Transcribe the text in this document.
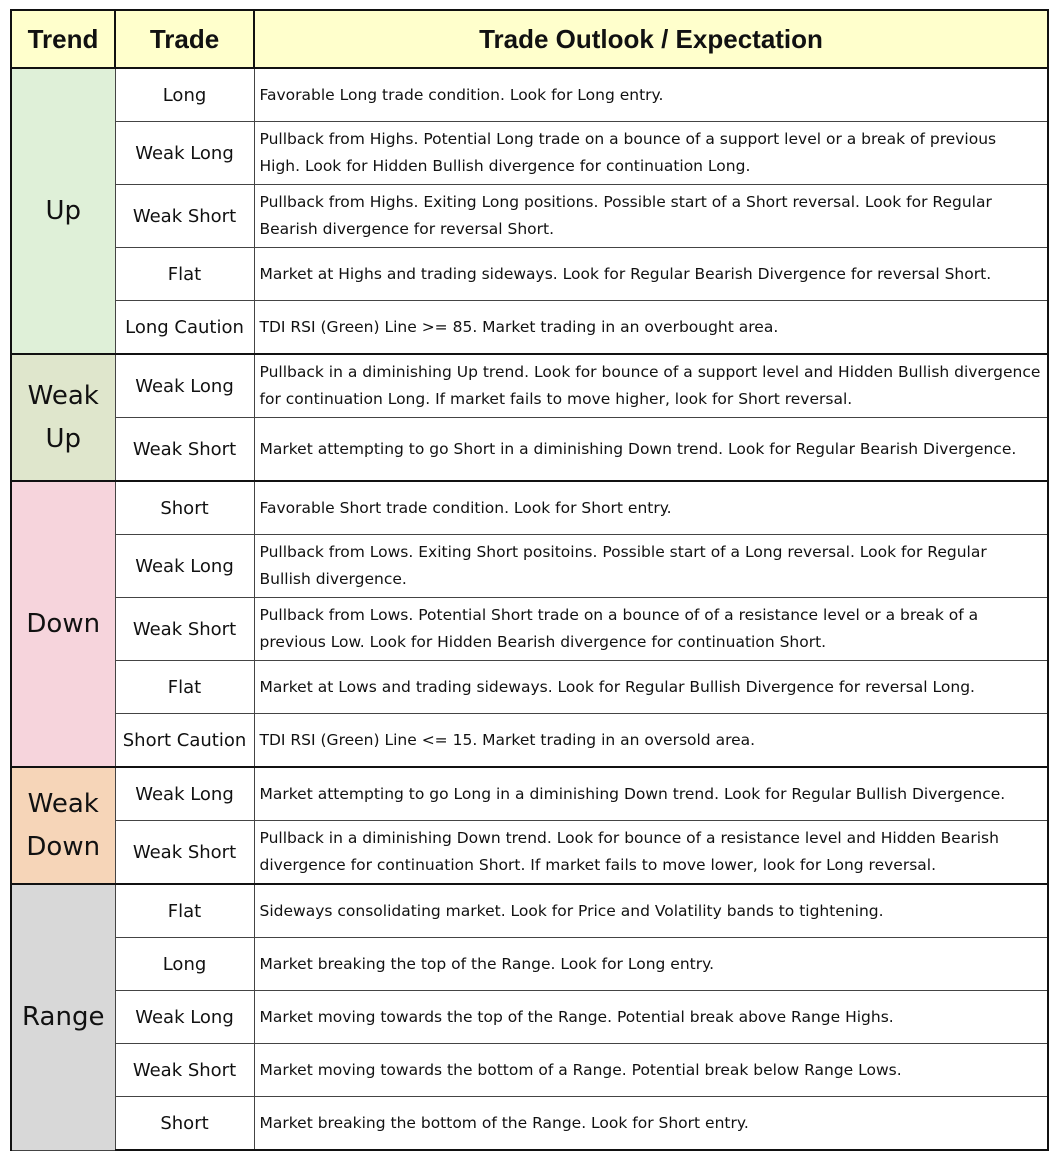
Trend	Trade	Trade Outlook / Expectation
Up	Long	Favorable Long trade condition. Look for Long entry.
	Weak Long	Pullback from Highs. Potential Long trade on a bounce of a support level or a break of previous High. Look for Hidden Bullish divergence for continuation Long.
	Weak Short	Pullback from Highs. Exiting Long positions. Possible start of a Short reversal. Look for Regular Bearish divergence for reversal Short.
	Flat	Market at Highs and trading sideways. Look for Regular Bearish Divergence for reversal Short.
	Long Caution	TDI RSI (Green) Line >= 85. Market trading in an overbought area.
Weak Up	Weak Long	Pullback in a diminishing Up trend. Look for bounce of a support level and Hidden Bullish divergence for continuation Long. If market fails to move higher, look for Short reversal.
	Weak Short	Market attempting to go Short in a diminishing Down trend. Look for Regular Bearish Divergence.
Down	Short	Favorable Short trade condition. Look for Short entry.
	Weak Long	Pullback from Lows. Exiting Short positoins. Possible start of a Long reversal. Look for Regular Bullish divergence.
	Weak Short	Pullback from Lows. Potential Short trade on a bounce of of a resistance level or a break of a previous Low. Look for Hidden Bearish divergence for continuation Short.
	Flat	Market at Lows and trading sideways. Look for Regular Bullish Divergence for reversal Long.
	Short Caution	TDI RSI (Green) Line <= 15. Market trading in an oversold area.
Weak Down	Weak Long	Market attempting to go Long in a diminishing Down trend. Look for Regular Bullish Divergence.
	Weak Short	Pullback in a diminishing Down trend. Look for bounce of a resistance level and Hidden Bearish divergence for continuation Short. If market fails to move lower, look for Long reversal.
Range	Flat	Sideways consolidating market. Look for Price and Volatility bands to tightening.
	Long	Market breaking the top of the Range. Look for Long entry.
	Weak Long	Market moving towards the top of the Range. Potential break above Range Highs.
	Weak Short	Market moving towards the bottom of a Range. Potential break below Range Lows.
	Short	Market breaking the bottom of the Range. Look for Short entry.
